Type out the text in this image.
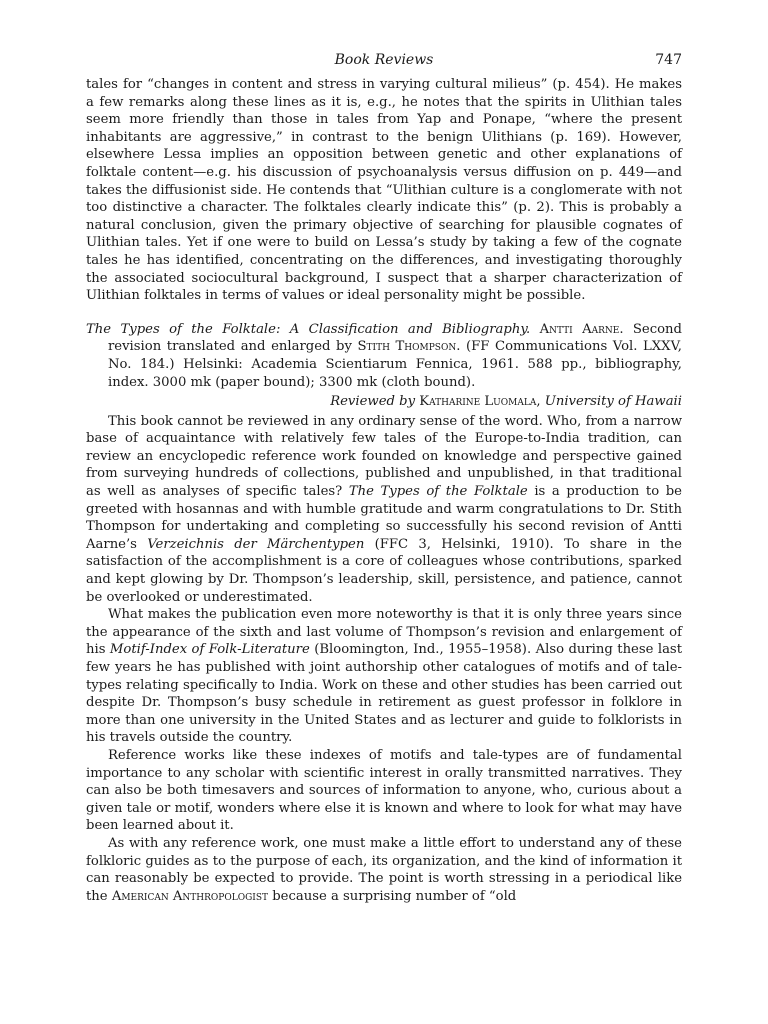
Book Reviews	747

tales for “changes in content and stress in varying cultural milieus” (p. 454). He makes a few remarks along these lines as it is, e.g., he notes that the spirits in Ulithian tales seem more friendly than those in tales from Yap and Ponape, “where the present inhabitants are aggressive,” in contrast to the benign Ulithians (p. 169). However, elsewhere Lessa implies an opposition between genetic and other explanations of folktale content—e.g. his discussion of psychoanalysis versus diffusion on p. 449—and takes the diffusionist side. He contends that “Ulithian culture is a conglomerate with not too distinctive a character. The folktales clearly indicate this” (p. 2). This is probably a natural conclusion, given the primary objective of searching for plausible cognates of Ulithian tales. Yet if one were to build on Lessa’s study by taking a few of the cognate tales he has identified, concentrating on the differences, and investigating thoroughly the associated sociocultural background, I suspect that a sharper characterization of Ulithian folktales in terms of values or ideal personality might be possible.

The Types of the Folktale: A Classification and Bibliography. Antti Aarne. Second revision translated and enlarged by Stith Thompson. (FF Communications Vol. LXXV, No. 184.) Helsinki: Academia Scientiarum Fennica, 1961. 588 pp., bibliography, index. 3000 mk (paper bound); 3300 mk (cloth bound).

Reviewed by Katharine Luomala, University of Hawaii

This book cannot be reviewed in any ordinary sense of the word. Who, from a narrow base of acquaintance with relatively few tales of the Europe-to-India tradition, can review an encyclopedic reference work founded on knowledge and perspective gained from surveying hundreds of collections, published and unpublished, in that traditional as well as analyses of specific tales? The Types of the Folktale is a production to be greeted with hosannas and with humble gratitude and warm congratulations to Dr. Stith Thompson for undertaking and completing so successfully his second revision of Antti Aarne’s Verzeichnis der Märchentypen (FFC 3, Helsinki, 1910). To share in the satisfaction of the accomplishment is a core of colleagues whose contributions, sparked and kept glowing by Dr. Thompson’s leadership, skill, persistence, and patience, cannot be overlooked or underestimated.

What makes the publication even more noteworthy is that it is only three years since the appearance of the sixth and last volume of Thompson’s revision and enlargement of his Motif-Index of Folk-Literature (Bloomington, Ind., 1955–1958). Also during these last few years he has published with joint authorship other catalogues of motifs and of tale-types relating specifically to India. Work on these and other studies has been carried out despite Dr. Thompson’s busy schedule in retirement as guest professor in folklore in more than one university in the United States and as lecturer and guide to folklorists in his travels outside the country.

Reference works like these indexes of motifs and tale-types are of fundamental importance to any scholar with scientific interest in orally transmitted narratives. They can also be both timesavers and sources of information to anyone, who, curious about a given tale or motif, wonders where else it is known and where to look for what may have been learned about it.

As with any reference work, one must make a little effort to understand any of these folkloric guides as to the purpose of each, its organization, and the kind of information it can reasonably be expected to provide. The point is worth stressing in a periodical like the American Anthropologist because a surprising number of “old
